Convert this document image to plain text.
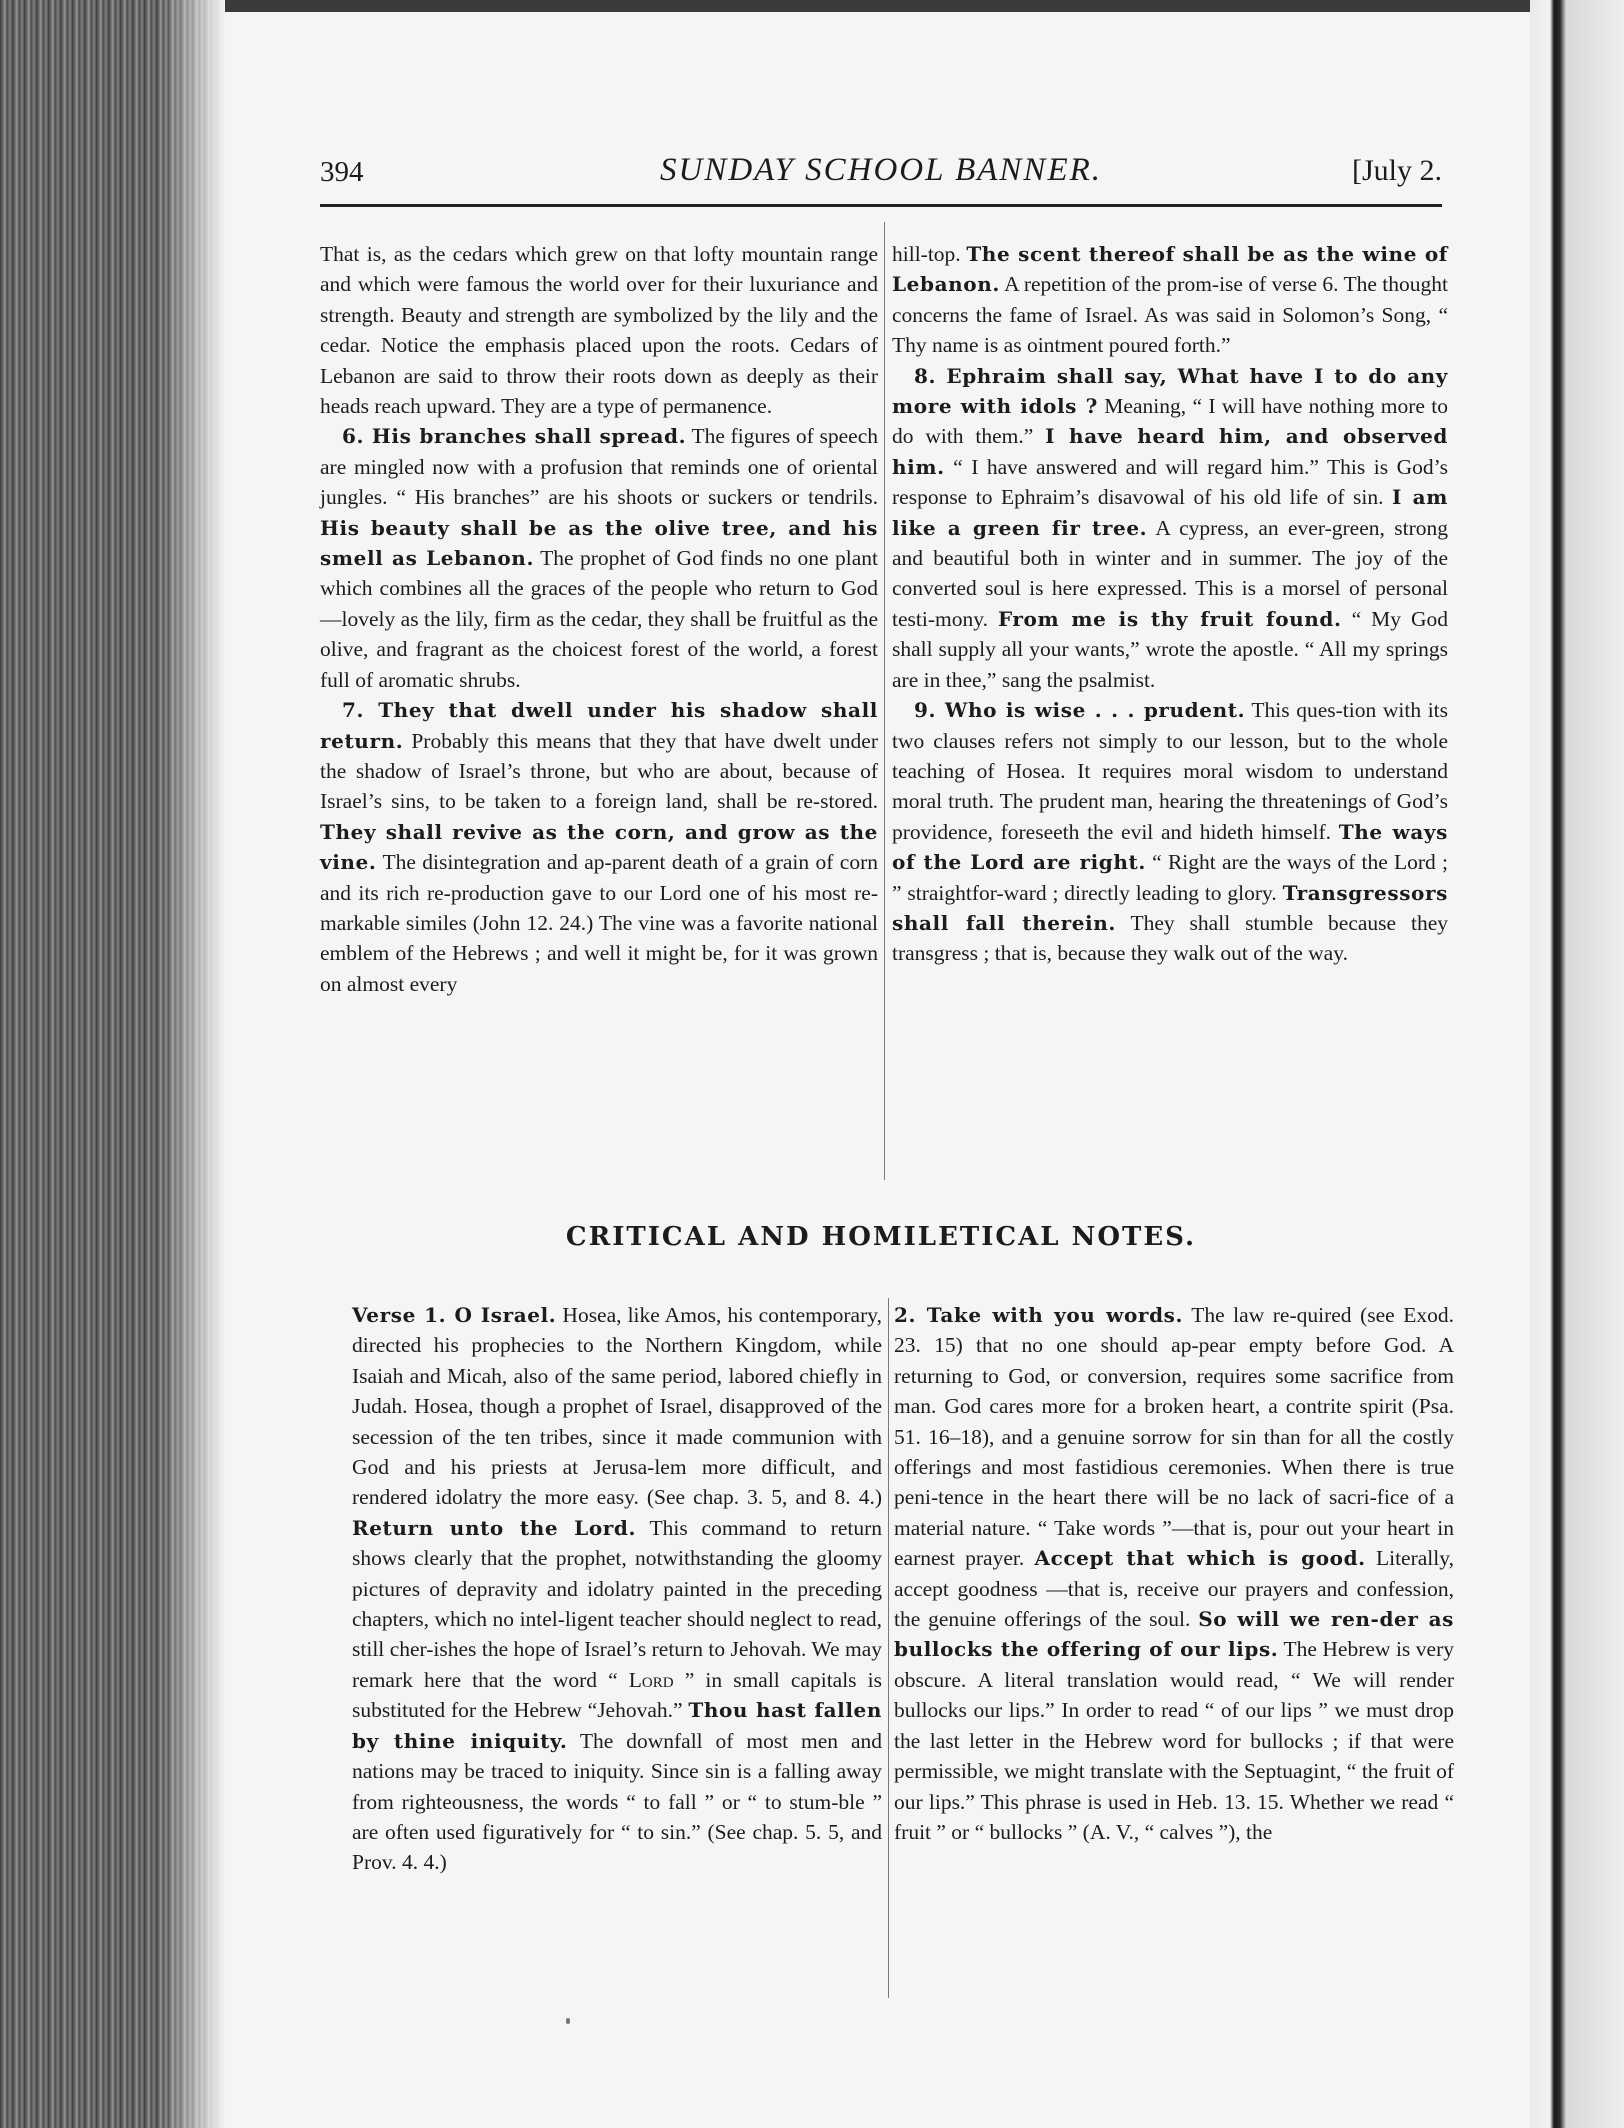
394	SUNDAY SCHOOL BANNER.	[July 2.

That is, as the cedars which grew on that lofty mountain range and which were famous the world over for their luxuriance and strength. Beauty and strength are symbolized by the lily and the cedar. Notice the emphasis placed upon the roots. Cedars of Lebanon are said to throw their roots down as deeply as their heads reach upward. They are a type of permanence.

6. His branches shall spread. The figures of speech are mingled now with a profusion that reminds one of oriental jungles. “ His branches” are his shoots or suckers or tendrils. His beauty shall be as the olive tree, and his smell as Lebanon. The prophet of God finds no one plant which combines all the graces of the people who return to God—lovely as the lily, firm as the cedar, they shall be fruitful as the olive, and fragrant as the choicest forest of the world, a forest full of aromatic shrubs.

7. They that dwell under his shadow shall return. Probably this means that they that have dwelt under the shadow of Israel’s throne, but who are about, because of Israel’s sins, to be taken to a foreign land, shall be re-stored. They shall revive as the corn, and grow as the vine. The disintegration and ap-parent death of a grain of corn and its rich re-production gave to our Lord one of his most re-markable similes (John 12. 24.) The vine was a favorite national emblem of the Hebrews ; and well it might be, for it was grown on almost every

hill-top. The scent thereof shall be as the wine of Lebanon. A repetition of the prom-ise of verse 6. The thought concerns the fame of Israel. As was said in Solomon’s Song, “ Thy name is as ointment poured forth.”

8. Ephraim shall say, What have I to do any more with idols ? Meaning, “ I will have nothing more to do with them.” I have heard him, and observed him. “ I have answered and will regard him.” This is God’s response to Ephraim’s disavowal of his old life of sin. I am like a green fir tree. A cypress, an ever-green, strong and beautiful both in winter and in summer. The joy of the converted soul is here expressed. This is a morsel of personal testi-mony. From me is thy fruit found. “ My God shall supply all your wants,” wrote the apostle. “ All my springs are in thee,” sang the psalmist.

9. Who is wise . . . prudent. This ques-tion with its two clauses refers not simply to our lesson, but to the whole teaching of Hosea. It requires moral wisdom to understand moral truth. The prudent man, hearing the threatenings of God’s providence, foreseeth the evil and hideth himself. The ways of the Lord are right. “ Right are the ways of the Lord ; ” straightfor-ward ; directly leading to glory. Transgressors shall fall therein. They shall stumble because they transgress ; that is, because they walk out of the way.

CRITICAL AND HOMILETICAL NOTES.

Verse 1. O Israel. Hosea, like Amos, his contemporary, directed his prophecies to the Northern Kingdom, while Isaiah and Micah, also of the same period, labored chiefly in Judah. Hosea, though a prophet of Israel, disapproved of the secession of the ten tribes, since it made communion with God and his priests at Jerusa-lem more difficult, and rendered idolatry the more easy. (See chap. 3. 5, and 8. 4.) Return unto the Lord. This command to return shows clearly that the prophet, notwithstanding the gloomy pictures of depravity and idolatry painted in the preceding chapters, which no intel-ligent teacher should neglect to read, still cher-ishes the hope of Israel’s return to Jehovah. We may remark here that the word “ Lord ” in small capitals is substituted for the Hebrew “Jehovah.” Thou hast fallen by thine iniquity. The downfall of most men and nations may be traced to iniquity. Since sin is a falling away from righteousness, the words “ to fall ” or “ to stum-ble ” are often used figuratively for “ to sin.” (See chap. 5. 5, and Prov. 4. 4.)

2. Take with you words. The law re-quired (see Exod. 23. 15) that no one should ap-pear empty before God. A returning to God, or conversion, requires some sacrifice from man. God cares more for a broken heart, a contrite spirit (Psa. 51. 16–18), and a genuine sorrow for sin than for all the costly offerings and most fastidious ceremonies. When there is true peni-tence in the heart there will be no lack of sacri-fice of a material nature. “ Take words ”—that is, pour out your heart in earnest prayer. Accept that which is good. Literally, accept goodness —that is, receive our prayers and confession, the genuine offerings of the soul. So will we ren-der as bullocks the offering of our lips. The Hebrew is very obscure. A literal translation would read, “ We will render bullocks our lips.” In order to read “ of our lips ” we must drop the last letter in the Hebrew word for bullocks ; if that were permissible, we might translate with the Septuagint, “ the fruit of our lips.” This phrase is used in Heb. 13. 15. Whether we read “ fruit ” or “ bullocks ” (A. V., “ calves ”), the
